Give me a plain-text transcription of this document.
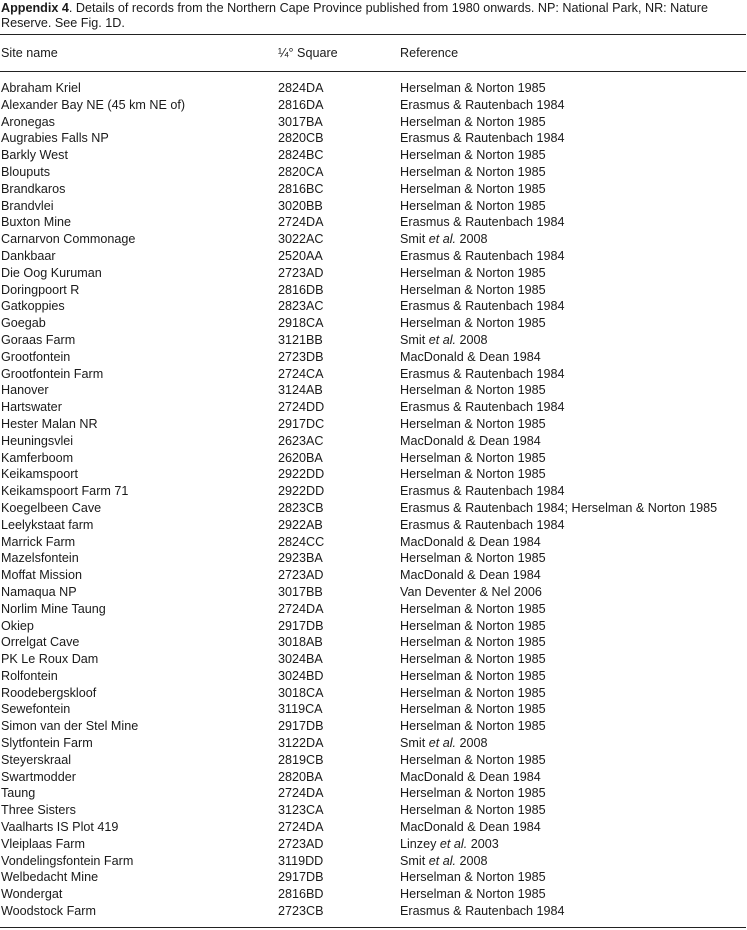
Appendix 4. Details of records from the Northern Cape Province published from 1980 onwards. NP: National Park, NR: Nature Reserve. See Fig. 1D.
Site name	¼° Square	Reference
Abraham Kriel	2824DA	Herselman & Norton 1985
Alexander Bay NE (45 km NE of)	2816DA	Erasmus & Rautenbach 1984
Aronegas	3017BA	Herselman & Norton 1985
Augrabies Falls NP	2820CB	Erasmus & Rautenbach 1984
Barkly West	2824BC	Herselman & Norton 1985
Blouputs	2820CA	Herselman & Norton 1985
Brandkaros	2816BC	Herselman & Norton 1985
Brandvlei	3020BB	Herselman & Norton 1985
Buxton Mine	2724DA	Erasmus & Rautenbach 1984
Carnarvon Commonage	3022AC	Smit et al. 2008
Dankbaar	2520AA	Erasmus & Rautenbach 1984
Die Oog Kuruman	2723AD	Herselman & Norton 1985
Doringpoort R	2816DB	Herselman & Norton 1985
Gatkoppies	2823AC	Erasmus & Rautenbach 1984
Goegab	2918CA	Herselman & Norton 1985
Goraas Farm	3121BB	Smit et al. 2008
Grootfontein	2723DB	MacDonald & Dean 1984
Grootfontein Farm	2724CA	Erasmus & Rautenbach 1984
Hanover	3124AB	Herselman & Norton 1985
Hartswater	2724DD	Erasmus & Rautenbach 1984
Hester Malan NR	2917DC	Herselman & Norton 1985
Heuningsvlei	2623AC	MacDonald & Dean 1984
Kamferboom	2620BA	Herselman & Norton 1985
Keikamspoort	2922DD	Herselman & Norton 1985
Keikamspoort Farm 71	2922DD	Erasmus & Rautenbach 1984
Koegelbeen Cave	2823CB	Erasmus & Rautenbach 1984; Herselman & Norton 1985
Leelykstaat farm	2922AB	Erasmus & Rautenbach 1984
Marrick Farm	2824CC	MacDonald & Dean 1984
Mazelsfontein	2923BA	Herselman & Norton 1985
Moffat Mission	2723AD	MacDonald & Dean 1984
Namaqua NP	3017BB	Van Deventer & Nel 2006
Norlim Mine Taung	2724DA	Herselman & Norton 1985
Okiep	2917DB	Herselman & Norton 1985
Orrelgat Cave	3018AB	Herselman & Norton 1985
PK Le Roux Dam	3024BA	Herselman & Norton 1985
Rolfontein	3024BD	Herselman & Norton 1985
Roodebergskloof	3018CA	Herselman & Norton 1985
Sewefontein	3119CA	Herselman & Norton 1985
Simon van der Stel Mine	2917DB	Herselman & Norton 1985
Slytfontein Farm	3122DA	Smit et al. 2008
Steyerskraal	2819CB	Herselman & Norton 1985
Swartmodder	2820BA	MacDonald & Dean 1984
Taung	2724DA	Herselman & Norton 1985
Three Sisters	3123CA	Herselman & Norton 1985
Vaalharts IS Plot 419	2724DA	MacDonald & Dean 1984
Vleiplaas Farm	2723AD	Linzey et al. 2003
Vondelingsfontein Farm	3119DD	Smit et al. 2008
Welbedacht Mine	2917DB	Herselman & Norton 1985
Wondergat	2816BD	Herselman & Norton 1985
Woodstock Farm	2723CB	Erasmus & Rautenbach 1984
